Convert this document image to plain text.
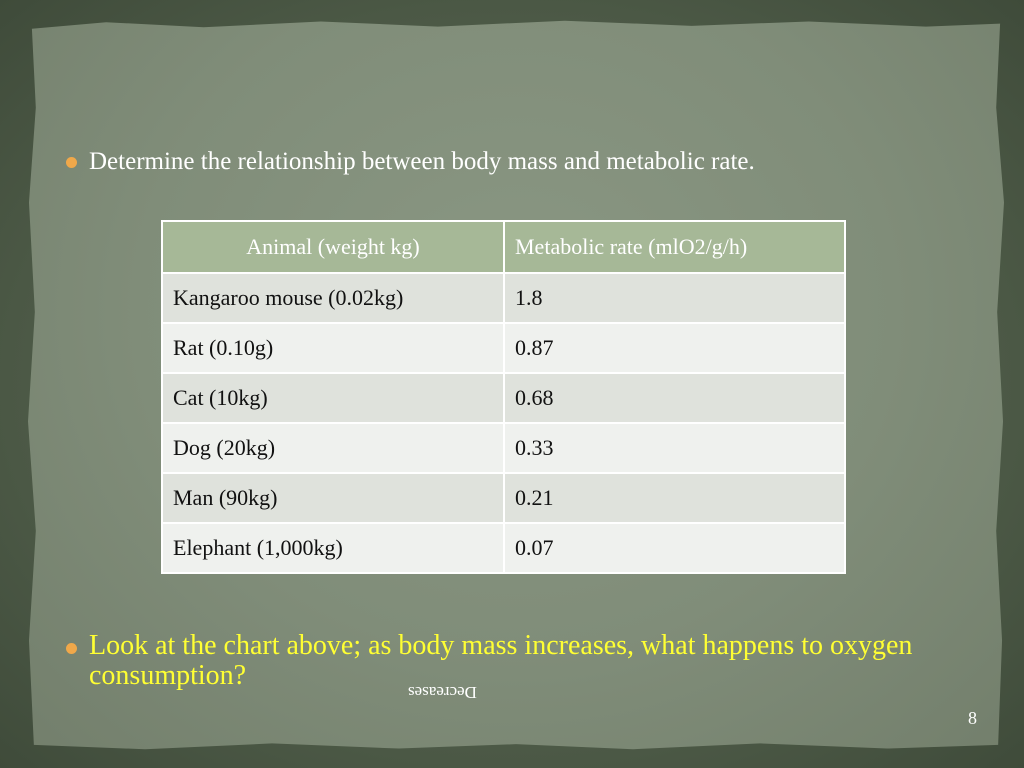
Determine the relationship between body mass and metabolic rate.
Animal (weight kg)	Metabolic rate (mlO2/g/h)
Kangaroo mouse (0.02kg)	1.8
Rat (0.10g)	0.87
Cat (10kg)	0.68
Dog (20kg)	0.33
Man (90kg)	0.21
Elephant (1,000kg)	0.07
Look at the chart above; as body mass increases, what happens to oxygen consumption?
Decreases
8
